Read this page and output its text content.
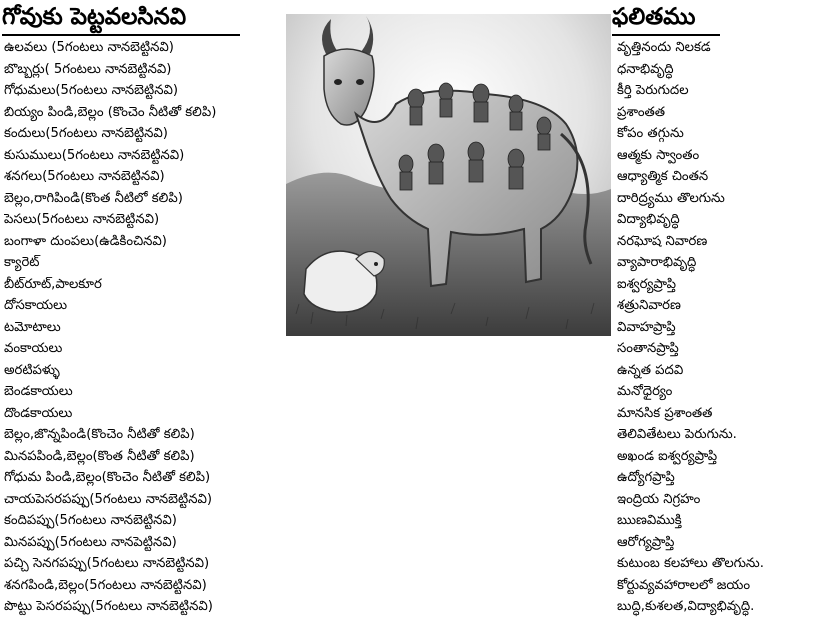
గోవుకు పెట్టవలసినవి	ఫలితము
ఉలవలు (5గంటలు నానబెట్టినవి)
బొబ్బర్లు( 5గంటలు నానబెట్టినవి)
గోధుమలు(5గంటలు నానబెట్టినవి)
బియ్యం పిండి,బెల్లం (కొంచెం నీటితో కలిపి)
కందులు(5గంటలు నానబెట్టినవి)
కుసుములు(5గంటలు నానబెట్టినవి)
శనగలు(5గంటలు నానబెట్టినవి)
బెల్లం,రాగిపిండి(కొంత నీటిలో కలిపి)
పెసలు(5గంటలు నానబెట్టినవి)
బంగాళా దుంపలు(ఉడికించినవి)
క్యారెట్
బీట్‌రూట్,పాలకూర
దోసకాయలు
టమోటాలు
వంకాయలు
అరటిపళ్ళు
బెండకాయలు
దొండకాయలు
బెల్లం,జొన్నపిండి(కొంచెం నీటితో కలిపి)
మినపపిండి,బెల్లం(కొంత నీటితో కలిపి)
గోధుమ పిండి,బెల్లం(కొంచెం నీటితో కలిపి)
చాయపెసరపప్పు(5గంటలు నానబెట్టినవి)
కందిపప్పు(5గంటలు నానబెట్టినవి)
మినపప్పు(5గంటలు నానపెట్టినవి)
పచ్చి సెనగపప్పు(5గంటలు నానబెట్టినవి)
శనగపిండి,బెల్లం(5గంటలు నానబెట్టినవి)
పొట్టు పెసరపప్పు(5గంటలు నానబెట్టినవి)
వృత్తినందు నిలకడ
ధనాభివృద్ధి
కీర్తి పెరుగుదల
ప్రశాంతత
కోపం తగ్గును
ఆత్మకు స్వాంతం
ఆధ్యాత్మిక చింతన
దారిద్ర్యము తొలగును
విద్యాభివృద్ధి
నరఘోష నివారణ
వ్యాపారాభివృద్ధి
ఐశ్వర్యప్రాప్తి
శత్రునివారణ
వివాహప్రాప్తి
సంతానప్రాప్తి
ఉన్నత పదవి
మనోధైర్యం
మానసిక ప్రశాంతత
తెలివితేటలు పెరుగును.
అఖండ ఐశ్వర్యప్రాప్తి
ఉద్యోగప్రాప్తి
ఇంద్రియ నిగ్రహం
ఋణవిముక్తి
ఆరోగ్యప్రాప్తి
కుటుంబ కలహాలు తొలగును.
కోర్టువ్యవహారాలలో జయం
బుద్ధి,కుశలత,విద్యాభివృద్ధి.
